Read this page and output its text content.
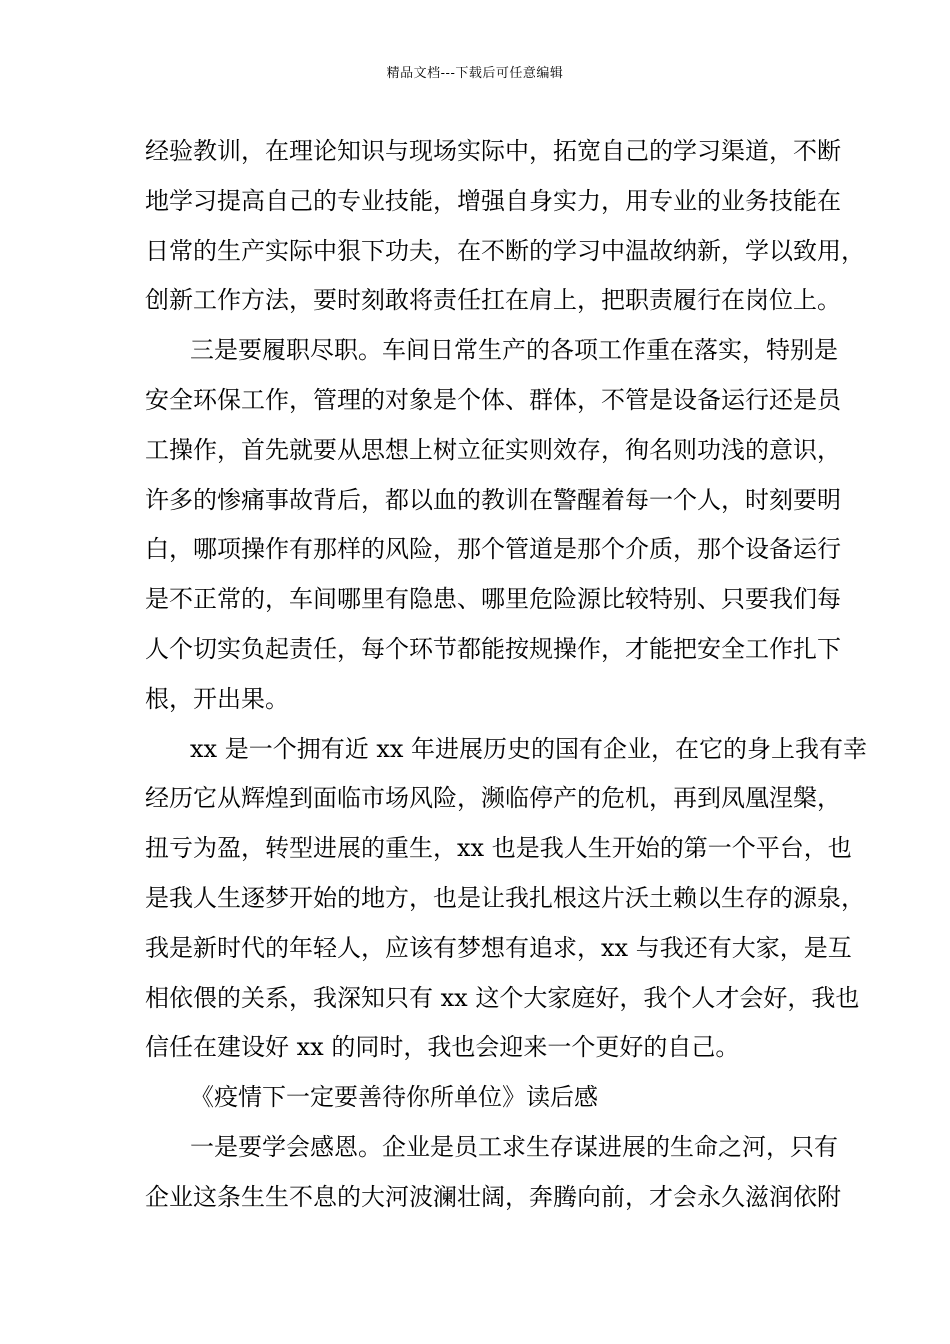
精品文档---下载后可任意编辑
经验教训，在理论知识与现场实际中，拓宽自己的学习渠道，不断
地学习提高自己的专业技能，增强自身实力，用专业的业务技能在
日常的生产实际中狠下功夫，在不断的学习中温故纳新，学以致用，
创新工作方法，要时刻敢将责任扛在肩上，把职责履行在岗位上。
三是要履职尽职。车间日常生产的各项工作重在落实，特别是
安全环保工作，管理的对象是个体、群体，不管是设备运行还是员
工操作，首先就要从思想上树立征实则效存，徇名则功浅的意识，
许多的惨痛事故背后，都以血的教训在警醒着每一个人，时刻要明
白，哪项操作有那样的风险，那个管道是那个介质，那个设备运行
是不正常的，车间哪里有隐患、哪里危险源比较特别、只要我们每
人个切实负起责任，每个环节都能按规操作，才能把安全工作扎下
根，开出果。
xx 是一个拥有近 xx 年进展历史的国有企业，在它的身上我有幸
经历它从辉煌到面临市场风险，濒临停产的危机，再到凤凰涅槃，
扭亏为盈，转型进展的重生，xx 也是我人生开始的第一个平台，也
是我人生逐梦开始的地方，也是让我扎根这片沃土赖以生存的源泉，
我是新时代的年轻人，应该有梦想有追求，xx 与我还有大家，是互
相依偎的关系，我深知只有 xx 这个大家庭好，我个人才会好，我也
信任在建设好 xx 的同时，我也会迎来一个更好的自己。
《疫情下一定要善待你所单位》读后感
一是要学会感恩。企业是员工求生存谋进展的生命之河，只有
企业这条生生不息的大河波澜壮阔，奔腾向前，才会永久滋润依附
